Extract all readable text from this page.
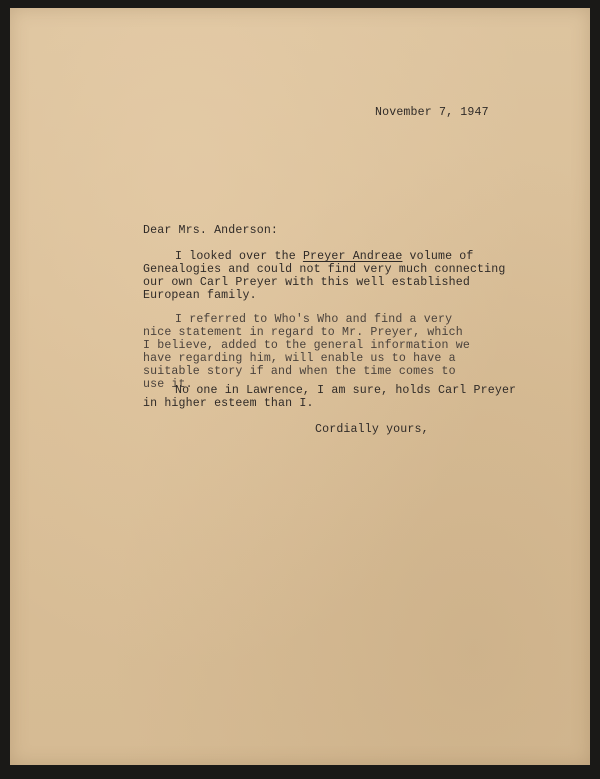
November 7, 1947
Dear Mrs. Anderson:
I looked over the Preyer Andreae volume of
Genealogies and could not find very much connecting
our own Carl Preyer with this well established
European family.
I referred to Who's Who and find a very
nice statement in regard to Mr. Preyer, which
I believe, added to the general information we
have regarding him, will enable us to have a
suitable story if and when the time comes to
use it.
No one in Lawrence, I am sure, holds Carl Preyer
in higher esteem than I.
Cordially yours,
